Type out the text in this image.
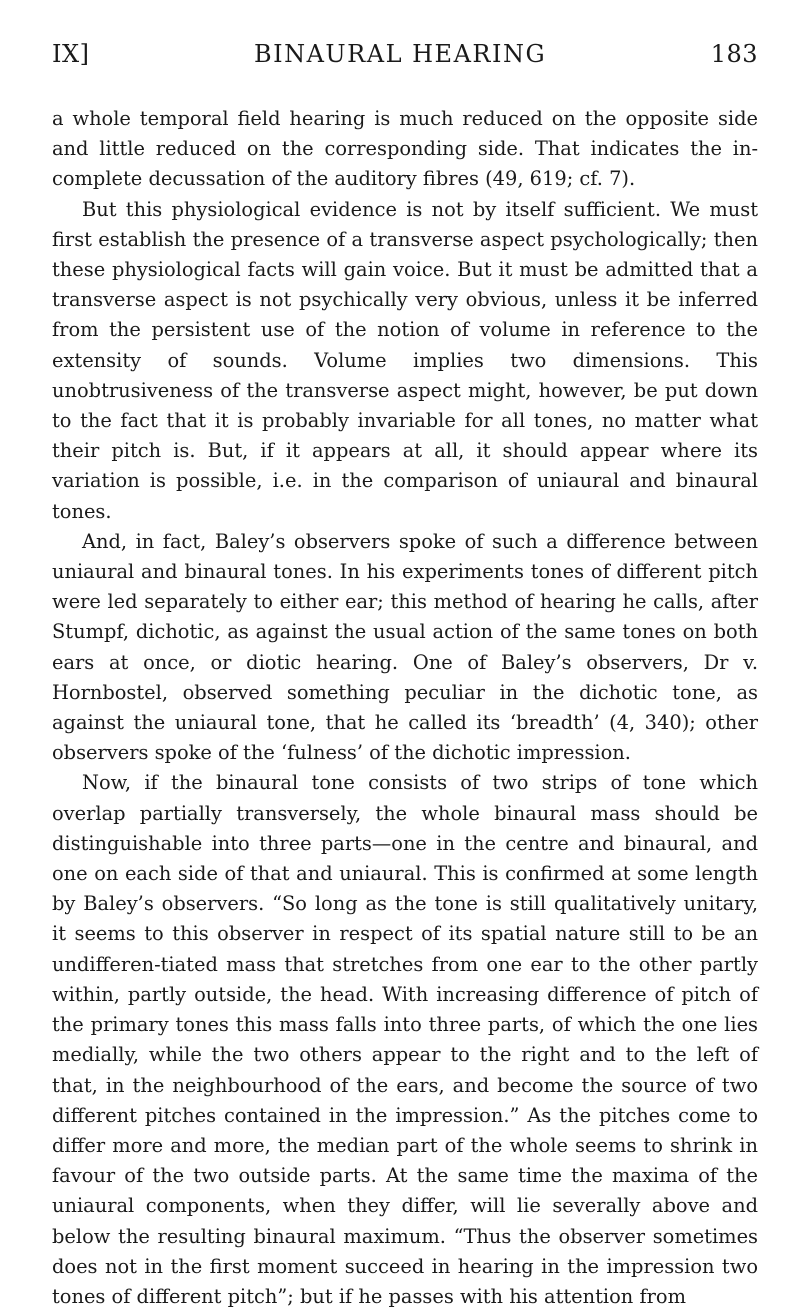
IX]	BINAURAL HEARING	183

a whole temporal field hearing is much reduced on the opposite side and little reduced on the corresponding side. That indicates the in-complete decussation of the auditory fibres (49, 619; cf. 7).

But this physiological evidence is not by itself sufficient. We must first establish the presence of a transverse aspect psychologically; then these physiological facts will gain voice. But it must be admitted that a transverse aspect is not psychically very obvious, unless it be inferred from the persistent use of the notion of volume in reference to the extensity of sounds. Volume implies two dimensions. This unobtrusiveness of the transverse aspect might, however, be put down to the fact that it is probably invariable for all tones, no matter what their pitch is. But, if it appears at all, it should appear where its variation is possible, i.e. in the comparison of uniaural and binaural tones.

And, in fact, Baley’s observers spoke of such a difference between uniaural and binaural tones. In his experiments tones of different pitch were led separately to either ear; this method of hearing he calls, after Stumpf, dichotic, as against the usual action of the same tones on both ears at once, or diotic hearing. One of Baley’s observers, Dr v. Hornbostel, observed something peculiar in the dichotic tone, as against the uniaural tone, that he called its ‘breadth’ (4, 340); other observers spoke of the ‘fulness’ of the dichotic impression.

Now, if the binaural tone consists of two strips of tone which overlap partially transversely, the whole binaural mass should be distinguishable into three parts—one in the centre and binaural, and one on each side of that and uniaural. This is confirmed at some length by Baley’s observers. “So long as the tone is still qualitatively unitary, it seems to this observer in respect of its spatial nature still to be an undifferen-tiated mass that stretches from one ear to the other partly within, partly outside, the head. With increasing difference of pitch of the primary tones this mass falls into three parts, of which the one lies medially, while the two others appear to the right and to the left of that, in the neighbourhood of the ears, and become the source of two different pitches contained in the impression.” As the pitches come to differ more and more, the median part of the whole seems to shrink in favour of the two outside parts. At the same time the maxima of the uniaural components, when they differ, will lie severally above and below the resulting binaural maximum. “Thus the observer sometimes does not in the first moment succeed in hearing in the impression two tones of different pitch”; but if he passes with his attention from
